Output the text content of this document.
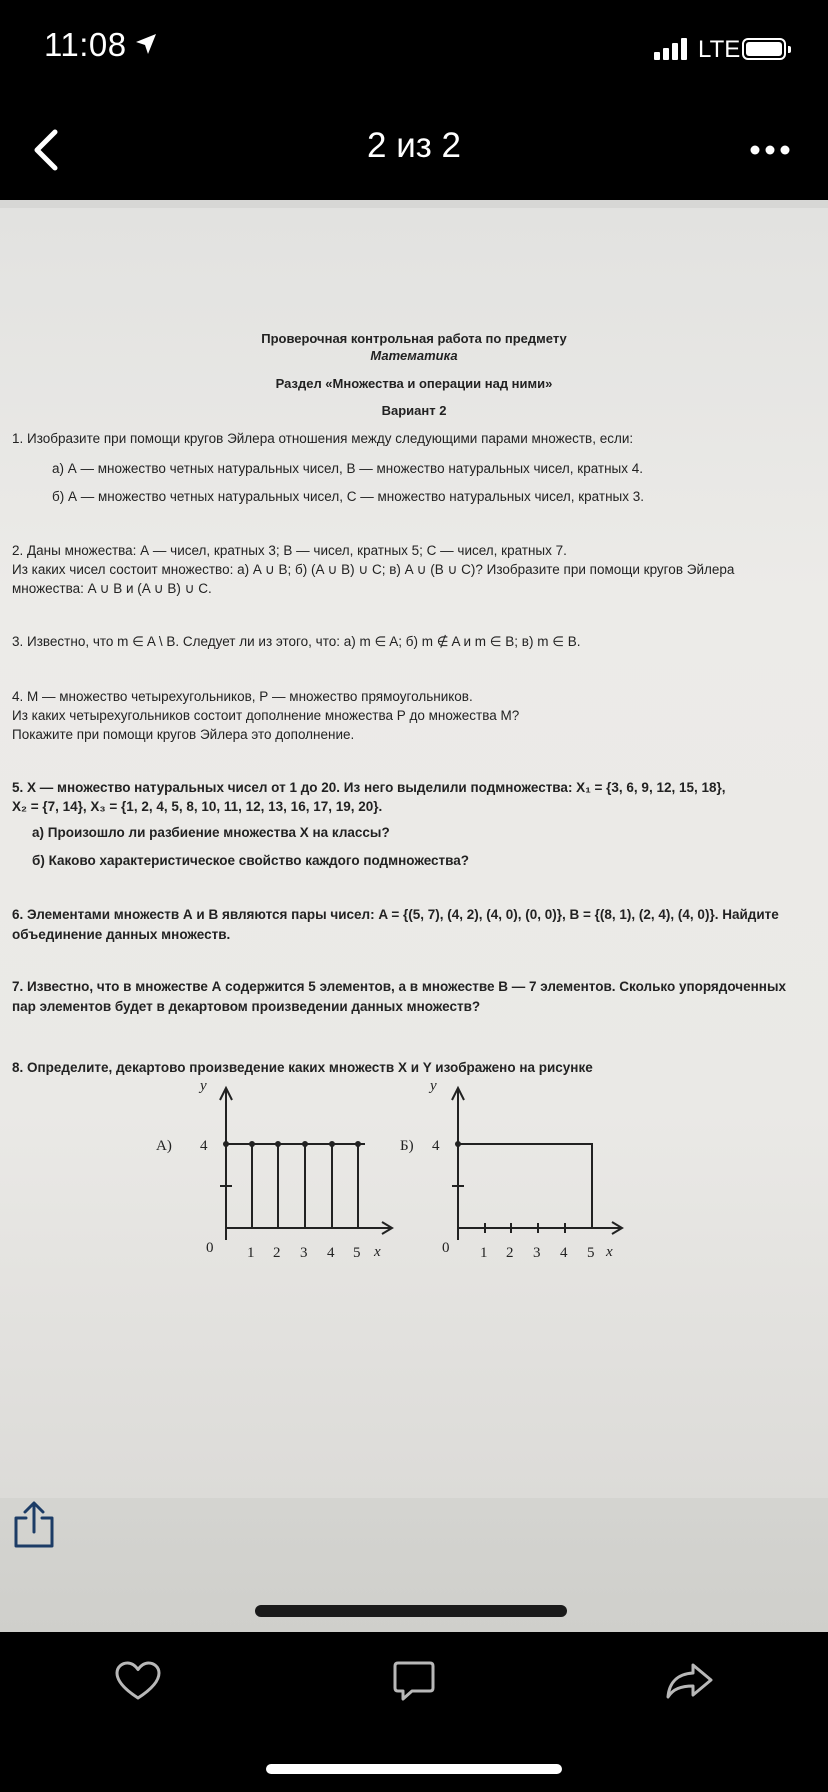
11:08	LTE
2 из 2
Проверочная контрольная работа по предмету
Математика
Раздел «Множества и операции над ними»
Вариант 2
1. Изобразите при помощи кругов Эйлера отношения между следующими парами множеств, если:
а) А — множество четных натуральных чисел, В — множество натуральных чисел, кратных 4.
б) А — множество четных натуральных чисел, С — множество натуральных чисел, кратных 3.
2. Даны множества: А — чисел, кратных 3; В — чисел, кратных 5; С — чисел, кратных 7.
Из каких чисел состоит множество: а) A ∪ B; б) (A ∪ B) ∪ C; в) A ∪ (B ∪ C)? Изобразите при помощи кругов Эйлера
множества: A ∪ B и (A ∪ B) ∪ C.
3. Известно, что m ∈ A \ B. Следует ли из этого, что: а) m ∈ A; б) m ∉ A и m ∈ B; в) m ∈ B.
4. М — множество четырехугольников, Р — множество прямоугольников.
Из каких четырехугольников состоит дополнение множества Р до множества М?
Покажите при помощи кругов Эйлера это дополнение.
5. X — множество натуральных чисел от 1 до 20. Из него выделили подмножества: X₁ = {3, 6, 9, 12, 15, 18},
X₂ = {7, 14}, X₃ = {1, 2, 4, 5, 8, 10, 11, 12, 13, 16, 17, 19, 20}.
а) Произошло ли разбиение множества X на классы?
б) Каково характеристическое свойство каждого подмножества?
6. Элементами множеств А и В являются пары чисел: A = {(5, 7), (4, 2), (4, 0), (0, 0)}, B = {(8, 1), (2, 4), (4, 0)}. Найдите
объединение данных множеств.
7. Известно, что в множестве А содержится 5 элементов, а в множестве В — 7 элементов. Сколько упорядоченных
пар элементов будет в декартовом произведении данных множеств?
8. Определите, декартово произведение каких множеств X и Y изображено на рисунке
А)
y
4
0 1 2 3 4 5 x
Б)
y
4
0 1 2 3 4 5 x
